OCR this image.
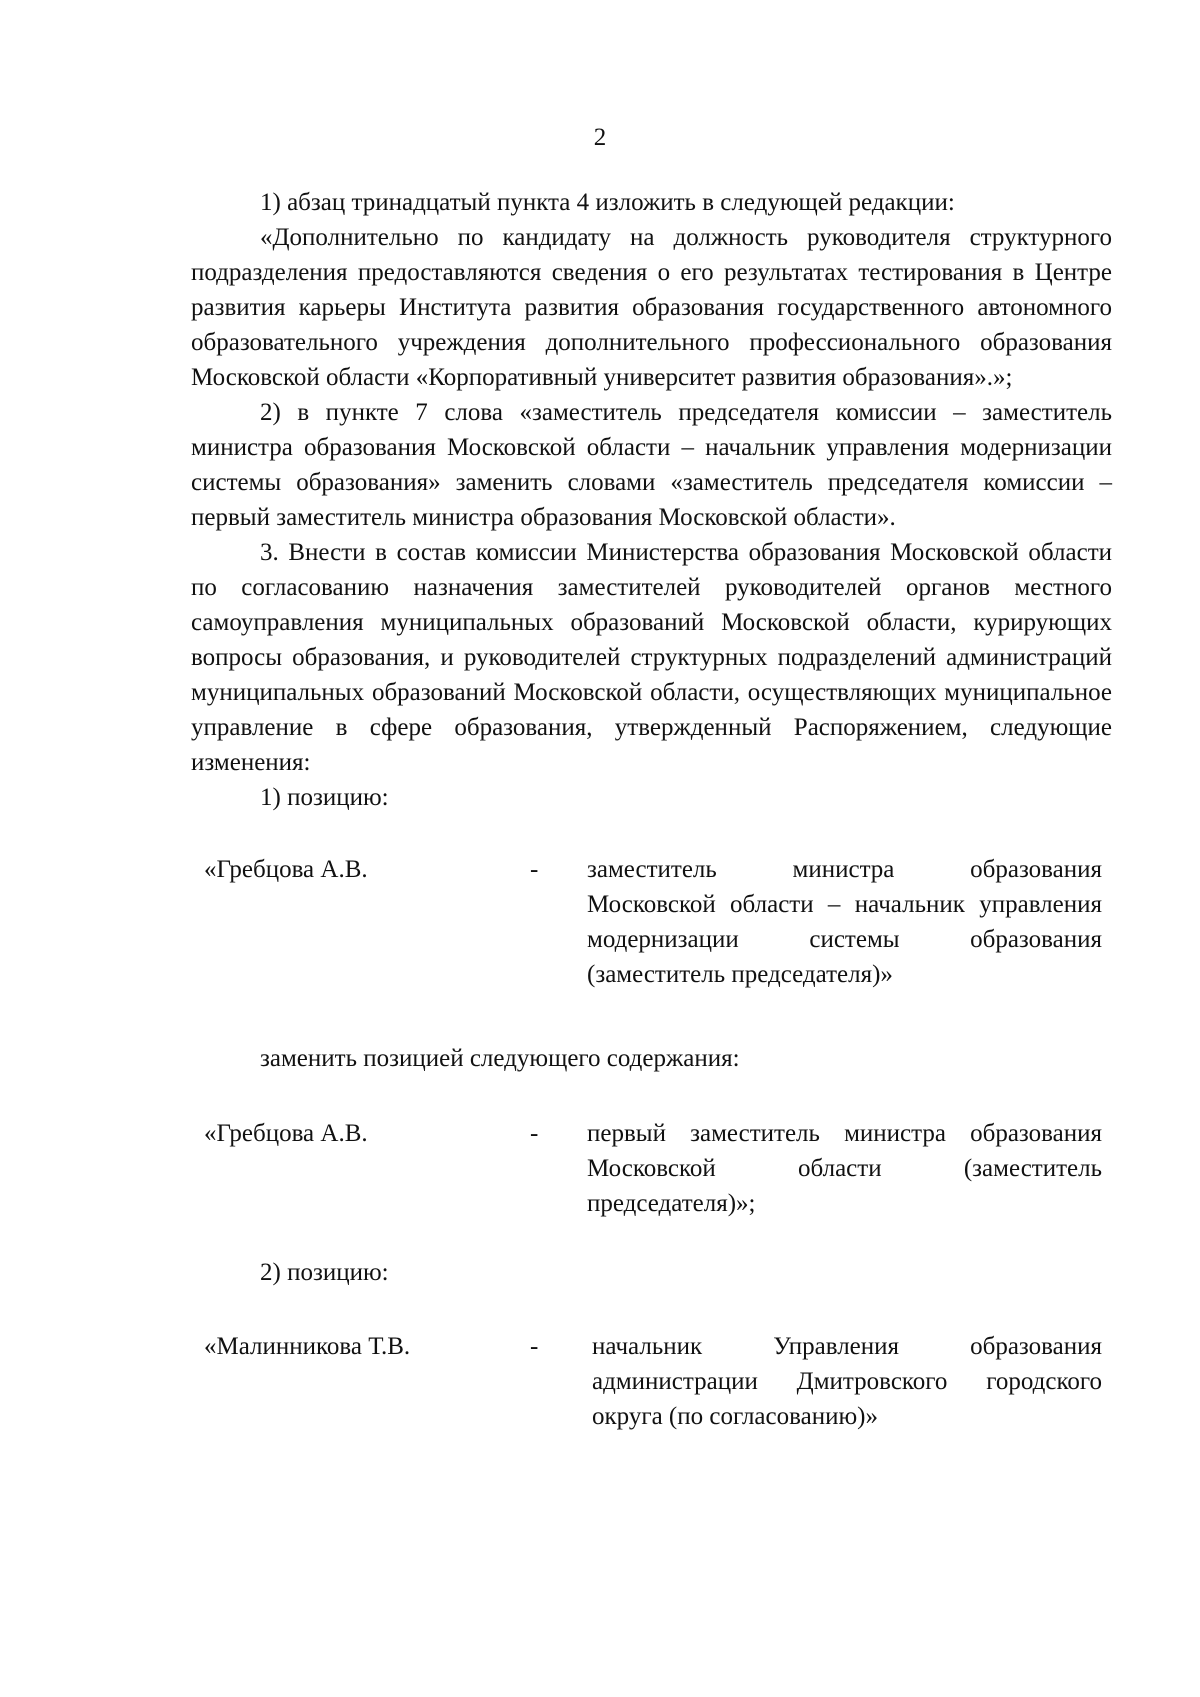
2

1) абзац тринадцатый пункта 4 изложить в следующей редакции:

«Дополнительно по кандидату на должность руководителя структурного подразделения предоставляются сведения о его результатах тестирования в Центре развития карьеры Института развития образования государственного автономного образовательного учреждения дополнительного профессионального образования Московской области «Корпоративный университет развития образования».»;

2) в пункте 7 слова «заместитель председателя комиссии – заместитель министра образования Московской области – начальник управления модернизации системы образования» заменить словами «заместитель председателя комиссии – первый заместитель министра образования Московской области».

3. Внести в состав комиссии Министерства образования Московской области по согласованию назначения заместителей руководителей органов местного самоуправления муниципальных образований Московской области, курирующих вопросы образования, и руководителей структурных подразделений администраций муниципальных образований Московской области, осуществляющих муниципальное управление в сфере образования, утвержденный Распоряжением, следующие изменения:

1) позицию:

«Гребцова А.В.	- заместитель министра образования
Московской области – начальник управления
модернизации системы образования
(заместитель председателя)»
заменить позицией следующего содержания:
«Гребцова А.В.	- первый заместитель министра образования
Московской области (заместитель
председателя)»;
2) позицию:
«Малинникова Т.В.	- начальник Управления образования
администрации Дмитровского городского
округа (по согласованию)»
